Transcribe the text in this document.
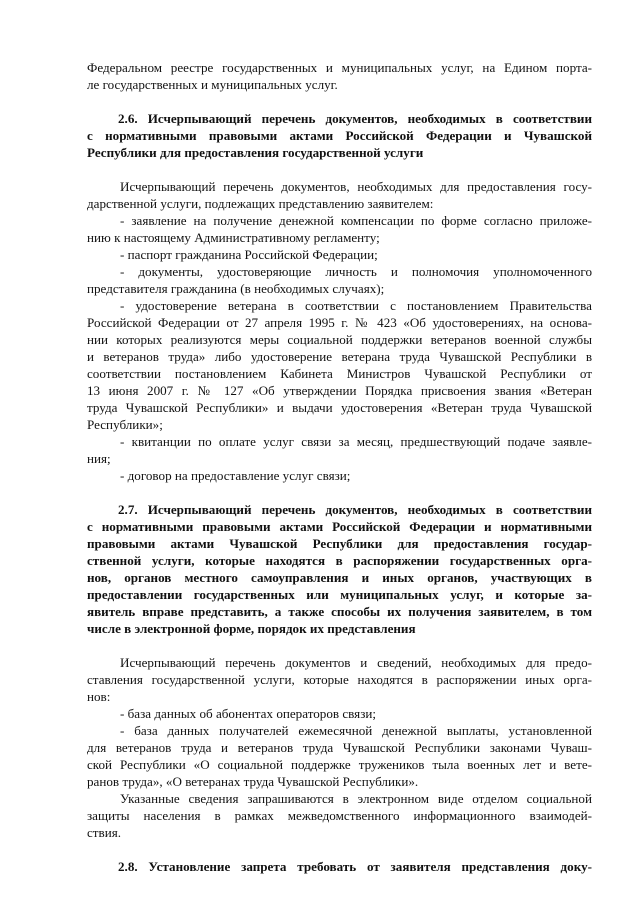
Федеральном реестре государственных и муниципальных услуг, на Едином порта-
ле государственных и муниципальных услуг.
2.6. Исчерпывающий перечень документов, необходимых в соответствии
с нормативными правовыми актами Российской Федерации и Чувашской
Республики для предоставления государственной услуги
Исчерпывающий перечень документов, необходимых для предоставления госу-
дарственной услуги, подлежащих представлению заявителем:
- заявление на получение денежной компенсации по форме согласно приложе-
нию к настоящему Административному регламенту;
- паспорт гражданина Российской Федерации;
- документы, удостоверяющие личность и полномочия уполномоченного
представителя гражданина (в необходимых случаях);
- удостоверение ветерана в соответствии с постановлением Правительства
Российской Федерации от 27 апреля 1995 г. № 423 «Об удостоверениях, на основа-
нии которых реализуются меры социальной поддержки ветеранов военной службы
и ветеранов труда» либо удостоверение ветерана труда Чувашской Республики в
соответствии постановлением Кабинета Министров Чувашской Республики от
13 июня 2007 г. № 127 «Об утверждении Порядка присвоения звания «Ветеран
труда Чувашской Республики» и выдачи удостоверения «Ветеран труда Чувашской
Республики»;
- квитанции по оплате услуг связи за месяц, предшествующий подаче заявле-
ния;
- договор на предоставление услуг связи;
2.7. Исчерпывающий перечень документов, необходимых в соответствии
с нормативными правовыми актами Российской Федерации и нормативными
правовыми актами Чувашской Республики для предоставления государ-
ственной услуги, которые находятся в распоряжении государственных орга-
нов, органов местного самоуправления и иных органов, участвующих в
предоставлении государственных или муниципальных услуг, и которые за-
явитель вправе представить, а также способы их получения заявителем, в том
числе в электронной форме, порядок их представления
Исчерпывающий перечень документов и сведений, необходимых для предо-
ставления государственной услуги, которые находятся в распоряжении иных орга-
нов:
- база данных об абонентах операторов связи;
- база данных получателей ежемесячной денежной выплаты, установленной
для ветеранов труда и ветеранов труда Чувашской Республики законами Чуваш-
ской Республики «О социальной поддержке тружеников тыла военных лет и вете-
ранов труда», «О ветеранах труда Чувашской Республики».
Указанные сведения запрашиваются в электронном виде отделом социальной
защиты населения в рамках межведомственного информационного взаимодей-
ствия.
2.8. Установление запрета требовать от заявителя представления доку-
